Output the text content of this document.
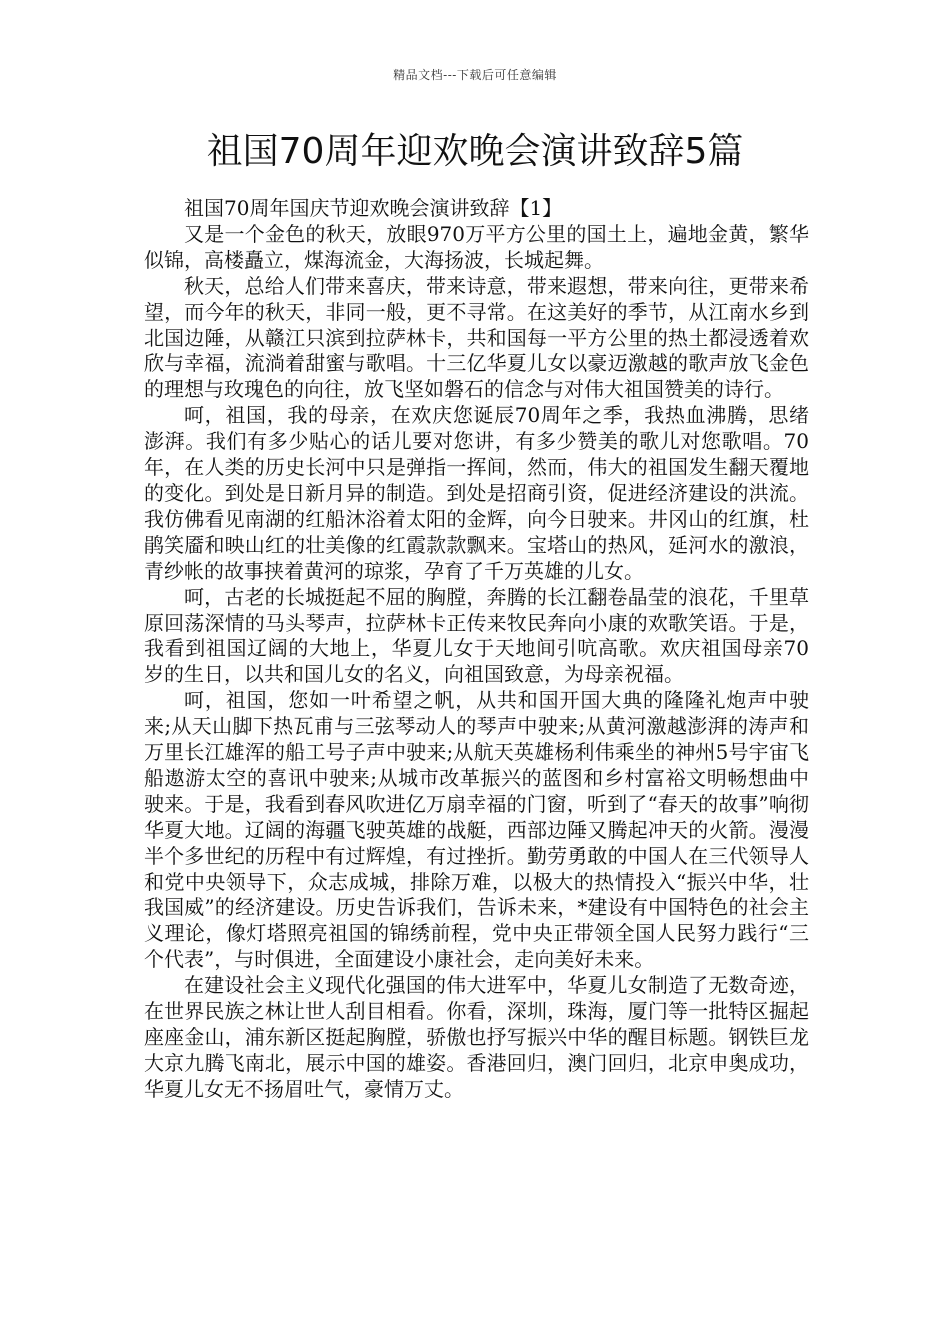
精品文档---下载后可任意编辑
祖国70周年迎欢晚会演讲致辞5篇

祖国70周年国庆节迎欢晚会演讲致辞【1】

又是一个金色的秋天，放眼970万平方公里的国土上，遍地金黄，繁华似锦，高楼矗立，煤海流金，大海扬波，长城起舞。

秋天，总给人们带来喜庆，带来诗意，带来遐想，带来向往，更带来希望，而今年的秋天，非同一般，更不寻常。在这美好的季节，从江南水乡到北国边陲，从赣江只滨到拉萨林卡，共和国每一平方公里的热土都浸透着欢欣与幸福，流淌着甜蜜与歌唱。十三亿华夏儿女以豪迈激越的歌声放飞金色的理想与玫瑰色的向往，放飞坚如磐石的信念与对伟大祖国赞美的诗行。

呵，祖国，我的母亲，在欢庆您诞辰70周年之季，我热血沸腾，思绪澎湃。我们有多少贴心的话儿要对您讲，有多少赞美的歌儿对您歌唱。70年，在人类的历史长河中只是弹指一挥间，然而，伟大的祖国发生翻天覆地的变化。到处是日新月异的制造。到处是招商引资，促进经济建设的洪流。我仿佛看见南湖的红船沐浴着太阳的金辉，向今日驶来。井冈山的红旗，杜鹃笑靥和映山红的壮美像的红霞款款飘来。宝塔山的热风，延河水的激浪，青纱帐的故事挟着黄河的琼浆，孕育了千万英雄的儿女。

呵，古老的长城挺起不屈的胸膛，奔腾的长江翻卷晶莹的浪花，千里草原回荡深情的马头琴声，拉萨林卡正传来牧民奔向小康的欢歌笑语。于是，我看到祖国辽阔的大地上，华夏儿女于天地间引吭高歌。欢庆祖国母亲70岁的生日，以共和国儿女的名义，向祖国致意，为母亲祝福。

呵，祖国，您如一叶希望之帆，从共和国开国大典的隆隆礼炮声中驶来;从天山脚下热瓦甫与三弦琴动人的琴声中驶来;从黄河激越澎湃的涛声和万里长江雄浑的船工号子声中驶来;从航天英雄杨利伟乘坐的神州5号宇宙飞船遨游太空的喜讯中驶来;从城市改革振兴的蓝图和乡村富裕文明畅想曲中驶来。于是，我看到春风吹进亿万扇幸福的门窗，听到了“春天的故事”响彻华夏大地。辽阔的海疆飞驶英雄的战艇，西部边陲又腾起冲天的火箭。漫漫半个多世纪的历程中有过辉煌，有过挫折。勤劳勇敢的中国人在三代领导人和党中央领导下，众志成城，排除万难，以极大的热情投入“振兴中华，壮我国威”的经济建设。历史告诉我们，告诉未来，*建设有中国特色的社会主义理论，像灯塔照亮祖国的锦绣前程，党中央正带领全国人民努力践行“三个代表”，与时俱进，全面建设小康社会，走向美好未来。

在建设社会主义现代化强国的伟大进军中，华夏儿女制造了无数奇迹，在世界民族之林让世人刮目相看。你看，深圳，珠海，厦门等一批特区掘起座座金山，浦东新区挺起胸膛，骄傲也抒写振兴中华的醒目标题。钢铁巨龙大京九腾飞南北，展示中国的雄姿。香港回归，澳门回归，北京申奥成功，华夏儿女无不扬眉吐气，豪情万丈。
